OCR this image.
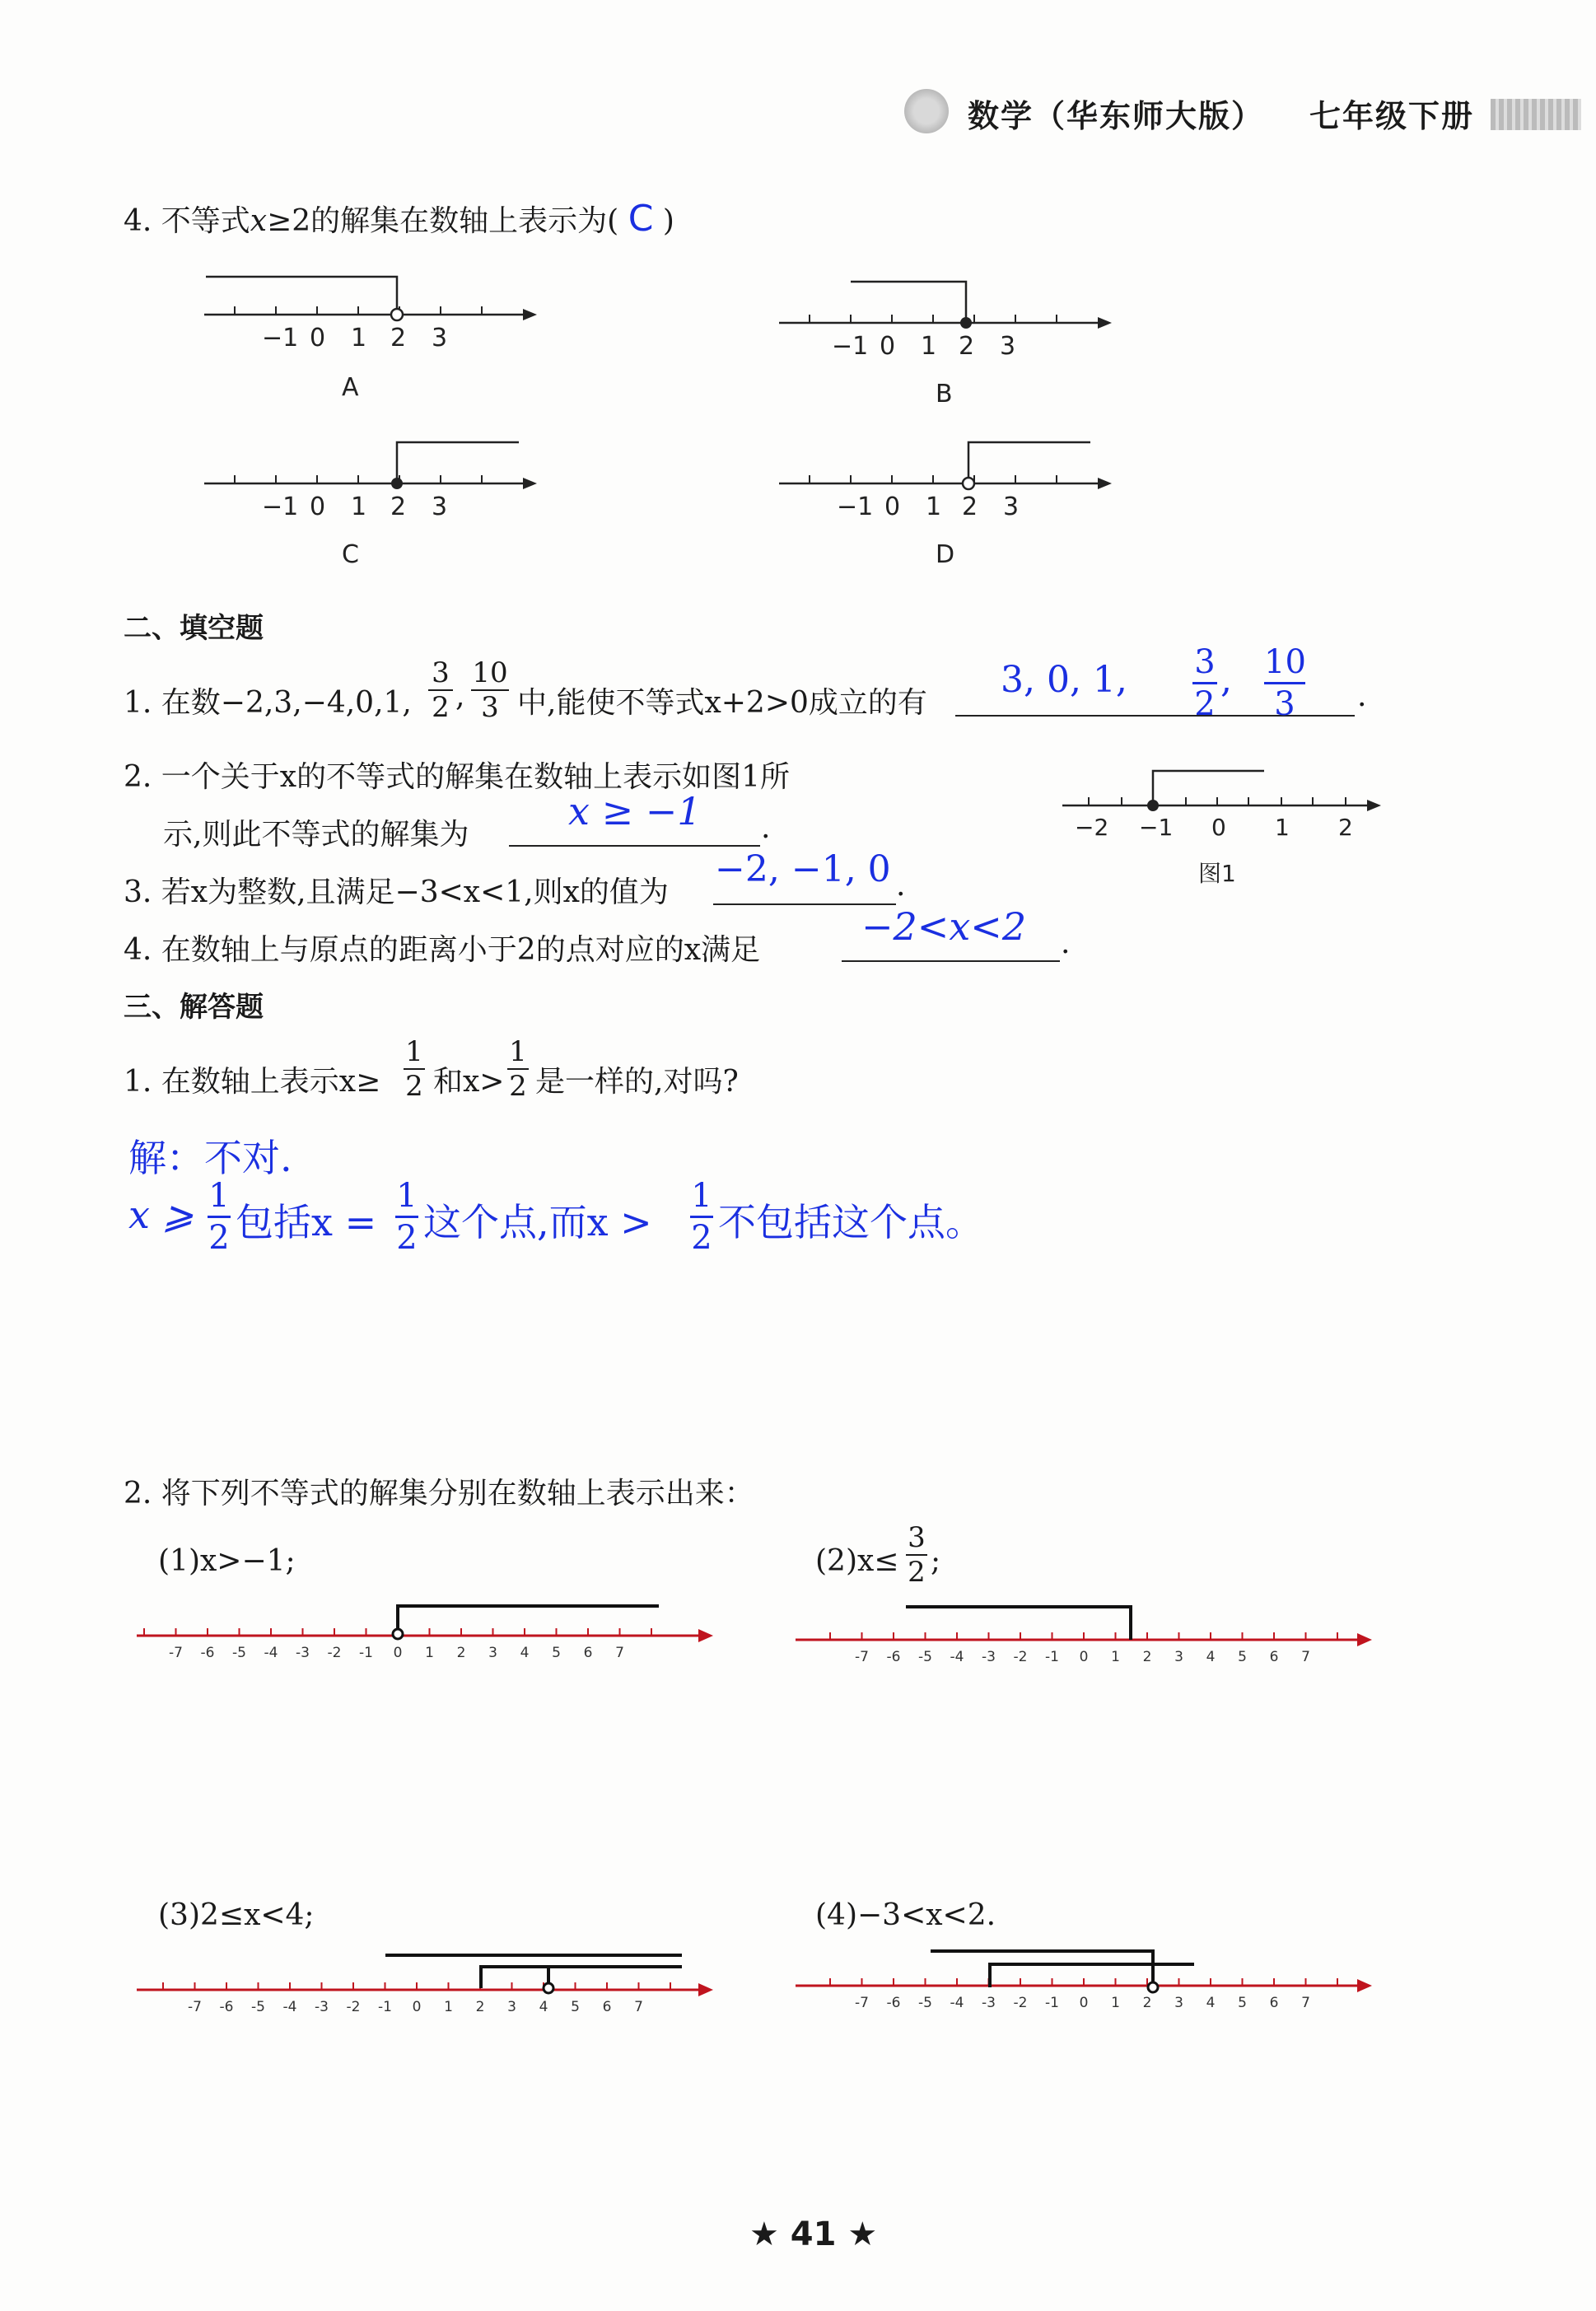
数学（华东师大版） 七年级下册
4. 不等式x≥2的解集在数轴上表示为( C )
−1 0 1 2 3
A
−1 0 1 2 3
B
−1 0 1 2 3
C
−1 0 1 2 3
D
二、填空题
1. 在数−2,3,−4,0,1,
3
2 ,
10
3 中,能使不等式x+2>0成立的有
3, 0, 1, 3
2
, 10
3	.
2. 一个关于x的不等式的解集在数轴上表示如图1所
示,则此不等式的解集为
x ≥ −1 .	−2 −1 0 1 2
图1
3. 若x为整数,且满足−3<x<1,则x的值为
−2, −1, 0 .
4. 在数轴上与原点的距离小于2的点对应的x满足
−2<x<2 .
三、解答题
1. 在数轴上表示x≥
1
2 和x>
1
2 是一样的,对吗?
解：不对.
x ⩾ 1
2 包括x =
1
2 这个点,而x >
1
2 不包括这个点。
2. 将下列不等式的解集分别在数轴上表示出来：
(1)x>−1;	(2)x≤
3
2 ;
(3)2≤x<4;	(4)−3<x<2.
-7 -6 -5 -4 -3 -2 -1 0 1 2 3 4 5 6 7	-7 -6 -5 -4 -3 -2 -1 0 1 2 3 4 5 6 7
-7 -6 -5 -4 -3 -2 -1 0 1 2 3 4 5 6 7	-7 -6 -5 -4 -3 -2 -1 0 1 2 3 4 5 6 7
★ 41 ★
